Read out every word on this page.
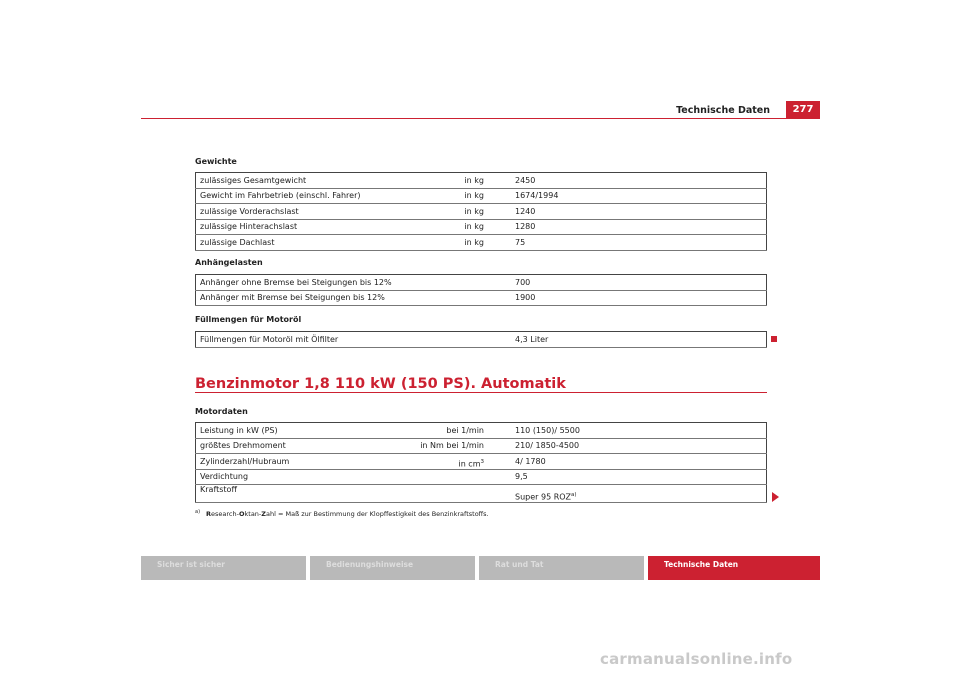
Technische Daten	277
Gewichte
zulässiges Gesamtgewicht	in kg	2450
Gewicht im Fahrbetrieb (einschl. Fahrer)	in kg	1674/1994
zulässige Vorderachslast	in kg	1240
zulässige Hinterachslast	in kg	1280
zulässige Dachlast	in kg	75
Anhängelasten
Anhänger ohne Bremse bei Steigungen bis 12%		700
Anhänger mit Bremse bei Steigungen bis 12%		1900
Füllmengen für Motoröl
Füllmengen für Motoröl mit Ölfilter		4,3 Liter
Benzinmotor 1,8 110 kW (150 PS). Automatik
Motordaten
Leistung in kW (PS)	bei 1/min	110 (150)/ 5500
größtes Drehmoment	in Nm bei 1/min	210/ 1850-4500
Zylinderzahl/Hubraum	in $cm^3$	4/ 1780
Verdichtung		9,5
Kraftstoff		Super 95 ROZ$^{a)}$
$^{a)}$ Research-Oktan-Zahl = Maß zur Bestimmung der Klopffestigkeit des Benzinkraftstoffs.
Sicher ist sicher	Bedienungshinweise	Rat und Tat	Technische Daten
carmanualsonline.info
